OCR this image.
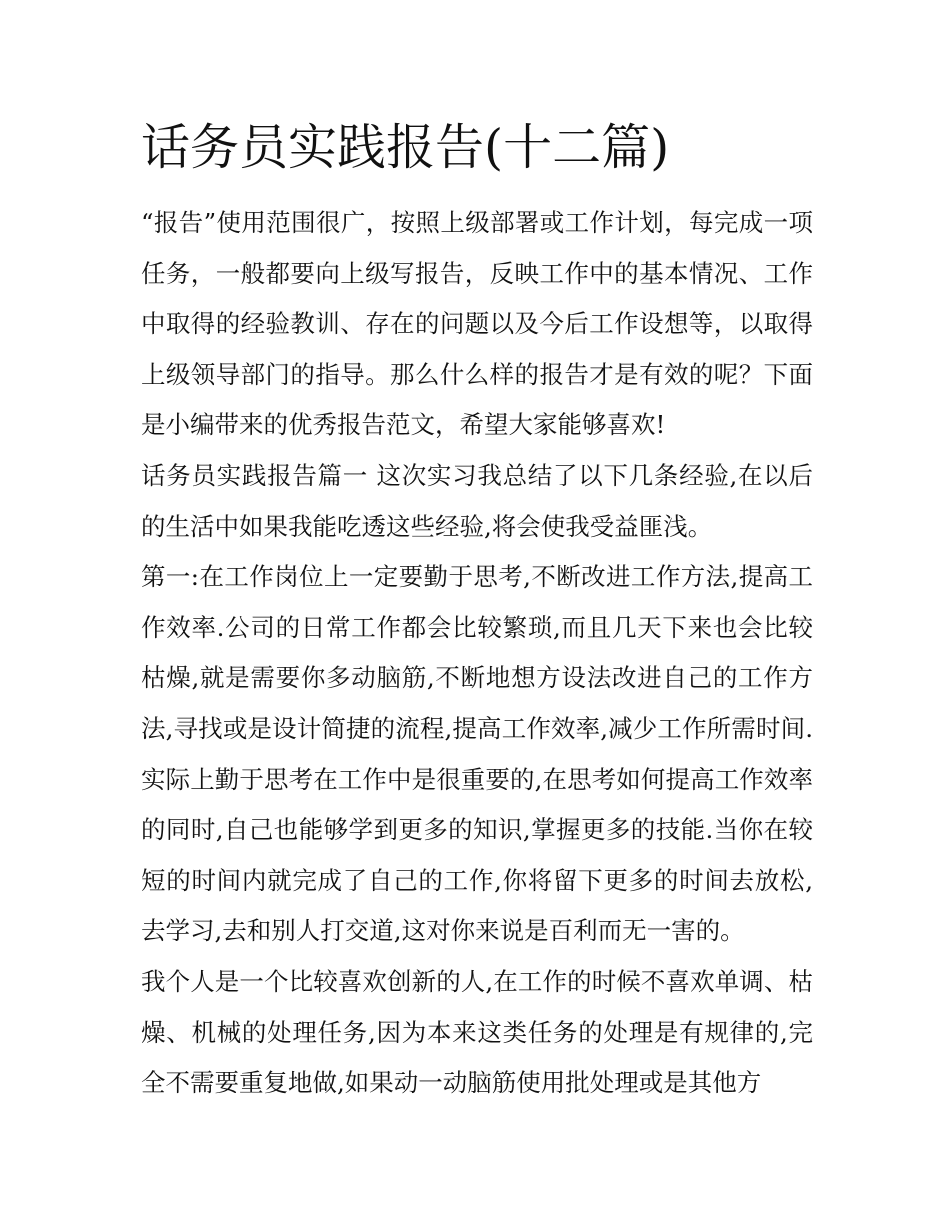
话务员实践报告(十二篇)

“报告”使用范围很广，按照上级部署或工作计划，每完成一项任务，一般都要向上级写报告，反映工作中的基本情况、工作中取得的经验教训、存在的问题以及今后工作设想等，以取得上级领导部门的指导。那么什么样的报告才是有效的呢？下面是小编带来的优秀报告范文，希望大家能够喜欢!

话务员实践报告篇一 这次实习我总结了以下几条经验,在以后的生活中如果我能吃透这些经验,将会使我受益匪浅。

第一:在工作岗位上一定要勤于思考,不断改进工作方法,提高工作效率.公司的日常工作都会比较繁琐,而且几天下来也会比较枯燥,就是需要你多动脑筋,不断地想方设法改进自己的工作方法,寻找或是设计简捷的流程,提高工作效率,减少工作所需时间.实际上勤于思考在工作中是很重要的,在思考如何提高工作效率的同时,自己也能够学到更多的知识,掌握更多的技能.当你在较短的时间内就完成了自己的工作,你将留下更多的时间去放松,去学习,去和别人打交道,这对你来说是百利而无一害的。

我个人是一个比较喜欢创新的人,在工作的时候不喜欢单调、枯燥、机械的处理任务,因为本来这类任务的处理是有规律的,完全不需要重复地做,如果动一动脑筋使用批处理或是其他方
